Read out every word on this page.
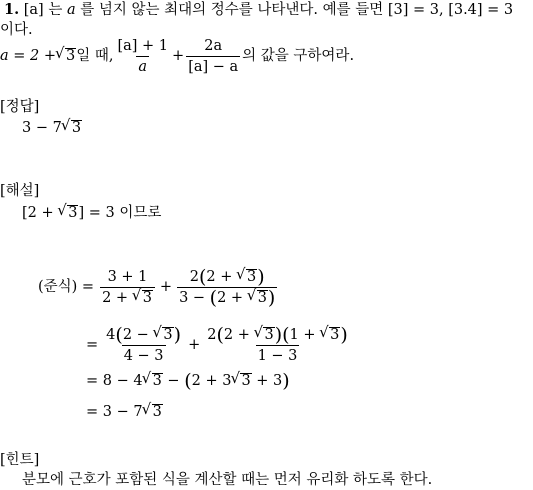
1. [a] 는 a 를 넘지 않는 최대의 정수를 나타낸다. 예를 들면 [3] = 3, [3.4] = 3
이다.
a = 2 + √ 3 일 때, $\frac{[a] + 1}{a} + \frac{2a}{[a] - a}$ 의 값을 구하여라.
[정답]
3 − 7 √ 3
[해설]
[2 + √ 3] = 3 이므로
(준식) = $\frac{3 + 1}{2 + √ 3} + \frac{2(2 + √ 3)}{3 - (2 + √ 3)}$
= $\frac{4(2 - √ 3)}{4 - 3} + \frac{2(2 + √ 3)(1 + √ 3)}{1 - 3}$
= 8 − 4 √ 3 − (2 + 3 √ 3 + 3)
= 3 − 7 √ 3
[힌트]
분모에 근호가 포함된 식을 계산할 때는 먼저 유리화 하도록 한다.
